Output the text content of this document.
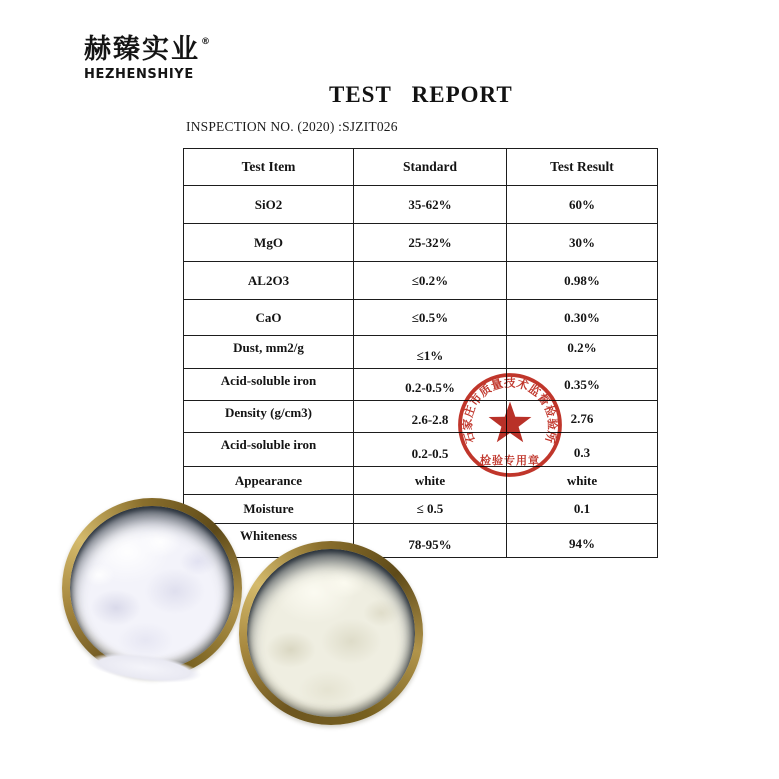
赫臻实业®
HEZHENSHIYE
TEST   REPORT
INSPECTION NO. (2020) :SJZIT026
Test Item	Standard	Test Result
SiO2	35-62%	60%
MgO	25-32%	30%
AL2O3	≤0.2%	0.98%
CaO	≤0.5%	0.30%
Dust, mm2/g	≤1%	0.2%
Acid-soluble iron	0.2-0.5%	0.35%
Density (g/cm3)	2.6-2.8	2.76
Acid-soluble iron	0.2-0.5	0.3
Appearance	white	white
Moisture	≤ 0.5	0.1
Whiteness	78-95%	94%
石家庄市质量技术监督检验所
检验专用章
